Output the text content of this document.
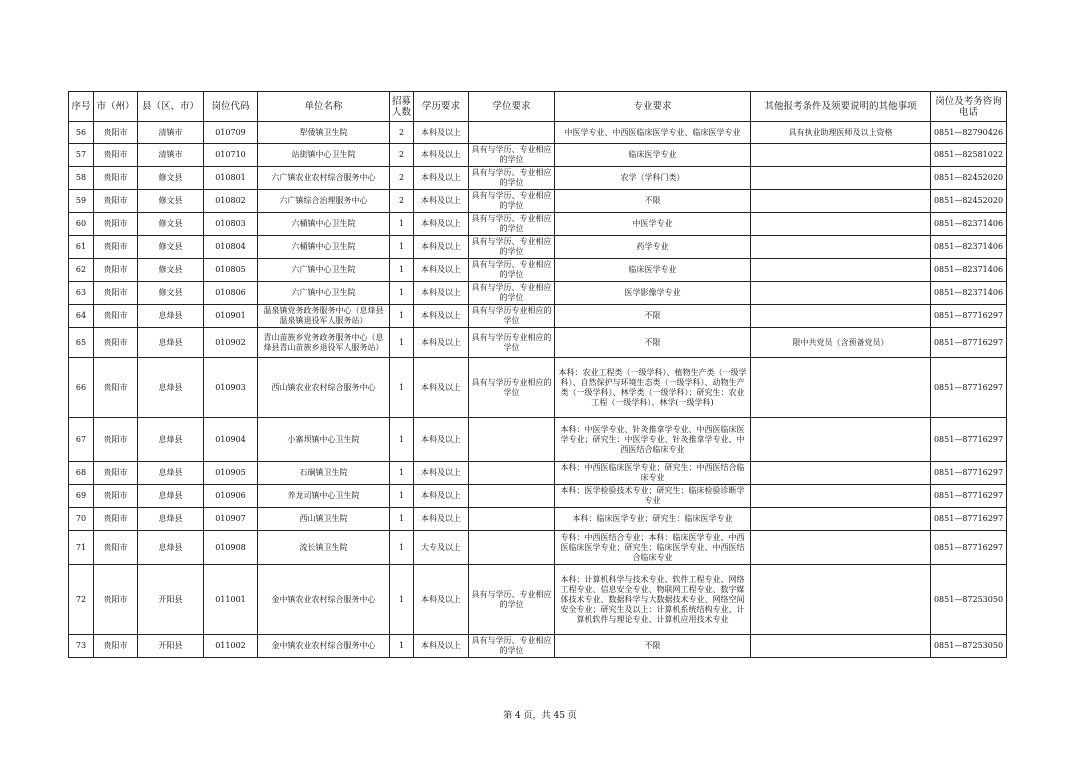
序号	市（州）	县（区、市）	岗位代码	单位名称	招募人数	学历要求	学位要求	专业要求	其他报考条件及须要说明的其他事项	岗位及考务咨询电话
56	贵阳市	清镇市	010709	犁倭镇卫生院	2	本科及以上		中医学专业、中西医临床医学专业、临床医学专业	具有执业助理医师及以上资格	0851—82790426
57	贵阳市	清镇市	010710	站街镇中心卫生院	2	本科及以上	具有与学历、专业相应的学位	临床医学专业		0851—82581022
58	贵阳市	修文县	010801	六广镇农业农村综合服务中心	2	本科及以上	具有与学历、专业相应的学位	农学（学科门类）		0851—82452020
59	贵阳市	修文县	010802	六广镇综合治理服务中心	2	本科及以上	具有与学历、专业相应的学位	不限		0851—82452020
60	贵阳市	修文县	010803	六桶镇中心卫生院	1	本科及以上	具有与学历、专业相应的学位	中医学专业		0851—82371406
61	贵阳市	修文县	010804	六桶镇中心卫生院	1	本科及以上	具有与学历、专业相应的学位	药学专业		0851—82371406
62	贵阳市	修文县	010805	六广镇中心卫生院	1	本科及以上	具有与学历、专业相应的学位	临床医学专业		0851—82371406
63	贵阳市	修文县	010806	六广镇中心卫生院	1	本科及以上	具有与学历、专业相应的学位	医学影像学专业		0851—82371406
64	贵阳市	息烽县	010901	温泉镇党务政务服务中心（息烽县温泉镇退役军人服务站）	1	本科及以上	具有与学历专业相应的学位	不限		0851—87716297
65	贵阳市	息烽县	010902	青山苗族乡党务政务服务中心（息烽县青山苗族乡退役军人服务站）	1	本科及以上	具有与学历专业相应的学位	不限	限中共党员（含预备党员）	0851—87716297
66	贵阳市	息烽县	010903	西山镇农业农村综合服务中心	1	本科及以上	具有与学历专业相应的学位	本科：农业工程类（一级学科）、植物生产类（一级学科）、自然保护与环境生态类（一级学科）、动物生产类（一级学科）、林学类（一级学科）；研究生：农业工程（一级学科）、林学(一级学科)		0851—87716297
67	贵阳市	息烽县	010904	小寨坝镇中心卫生院	1	本科及以上		本科：中医学专业、针灸推拿学专业、中西医临床医学专业；研究生：中医学专业、针灸推拿学专业、中西医结合临床专业		0851—87716297
68	贵阳市	息烽县	010905	石硐镇卫生院	1	本科及以上		本科：中西医临床医学专业；研究生：中西医结合临床专业		0851—87716297
69	贵阳市	息烽县	010906	养龙司镇中心卫生院	1	本科及以上		本科：医学检验技术专业；研究生：临床检验诊断学专业		0851—87716297
70	贵阳市	息烽县	010907	西山镇卫生院	1	本科及以上		本科：临床医学专业；研究生：临床医学专业		0851—87716297
71	贵阳市	息烽县	010908	流长镇卫生院	1	大专及以上		专科：中西医结合专业；本科：临床医学专业、中西医临床医学专业；研究生：临床医学专业、中西医结合临床专业		0851—87716297
72	贵阳市	开阳县	011001	金中镇农业农村综合服务中心	1	本科及以上	具有与学历、专业相应的学位	本科：计算机科学与技术专业、软件工程专业、网络工程专业、信息安全专业、物联网工程专业、数字媒体技术专业、数据科学与大数据技术专业、网络空间安全专业；研究生及以上：计算机系统结构专业、计算机软件与理论专业、计算机应用技术专业		0851—87253050
73	贵阳市	开阳县	011002	金中镇农业农村综合服务中心	1	本科及以上	具有与学历、专业相应的学位	不限		0851—87253050
第 4 页，共 45 页
